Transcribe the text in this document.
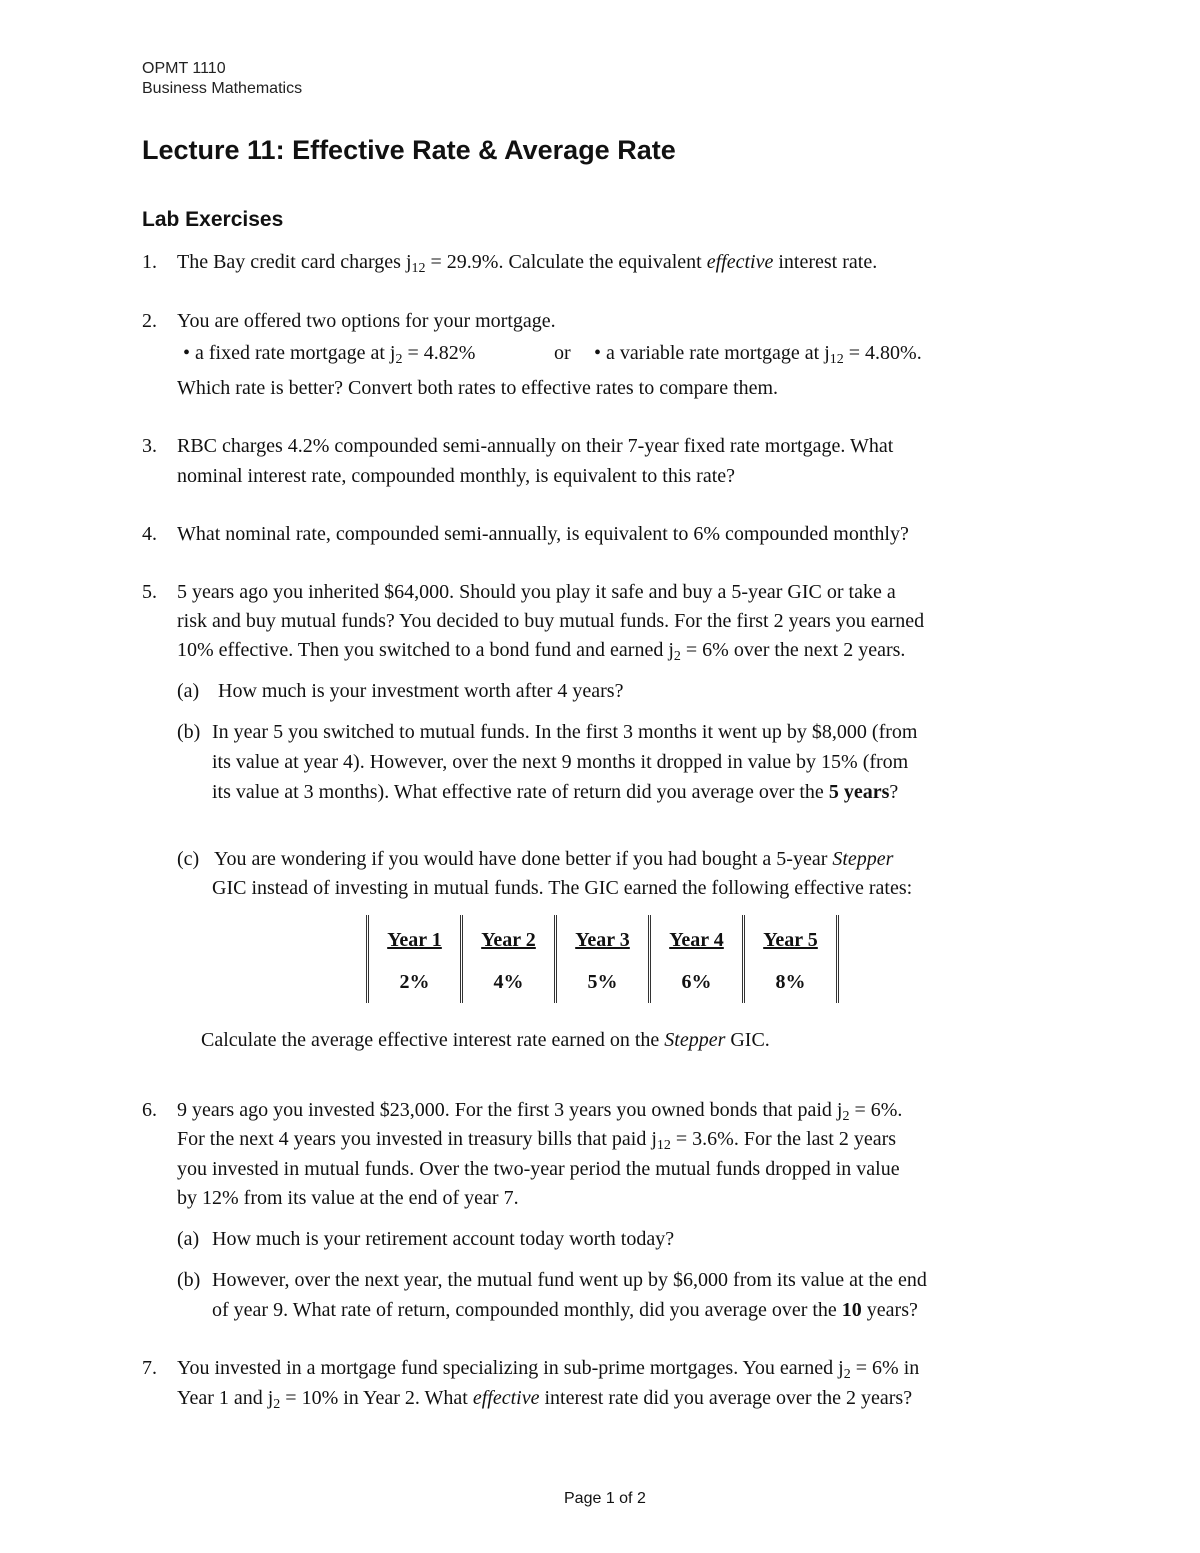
OPMT 1110
Business Mathematics
Lecture 11: Effective Rate & Average Rate
Lab Exercises
1. The Bay credit card charges $j_{12} = 29.9\%$. Calculate the equivalent effective interest rate.
2. You are offered two options for your mortgage.
• a fixed rate mortgage at $j_2 = 4.82\%$	or • a variable rate mortgage at $j_{12} = 4.80\%$.
Which rate is better? Convert both rates to effective rates to compare them.
3. RBC charges 4.2% compounded semi-annually on their 7-year fixed rate mortgage. What
nominal interest rate, compounded monthly, is equivalent to this rate?
4. What nominal rate, compounded semi-annually, is equivalent to 6% compounded monthly?
5. 5 years ago you inherited $64,000. Should you play it safe and buy a 5-year GIC or take a
risk and buy mutual funds? You decided to buy mutual funds. For the first 2 years you earned
10% effective. Then you switched to a bond fund and earned $j_2 = 6\%$ over the next 2 years.
(a) How much is your investment worth after 4 years?
(b) In year 5 you switched to mutual funds. In the first 3 months it went up by $8,000 (from
its value at year 4). However, over the next 9 months it dropped in value by 15% (from
its value at 3 months). What effective rate of return did you average over the 5 years?
(c) You are wondering if you would have done better if you had bought a 5-year Stepper
GIC instead of investing in mutual funds. The GIC earned the following effective rates:
Year 1
2%
Year 2
4%
Year 3
5%
Year 4
6%
Year 5
8%
Calculate the average effective interest rate earned on the Stepper GIC.
6. 9 years ago you invested $23,000. For the first 3 years you owned bonds that paid $j_2 = 6\%$.
For the next 4 years you invested in treasury bills that paid $j_{12} = 3.6\%$. For the last 2 years
you invested in mutual funds. Over the two-year period the mutual funds dropped in value
by 12% from its value at the end of year 7.
(a) How much is your retirement account today worth today?
(b) However, over the next year, the mutual fund went up by $6,000 from its value at the end
of year 9. What rate of return, compounded monthly, did you average over the 10 years?
7. You invested in a mortgage fund specializing in sub-prime mortgages. You earned $j_2 = 6\%$ in
Year 1 and $j_2 = 10\%$ in Year 2. What effective interest rate did you average over the 2 years?
Page 1 of 2
